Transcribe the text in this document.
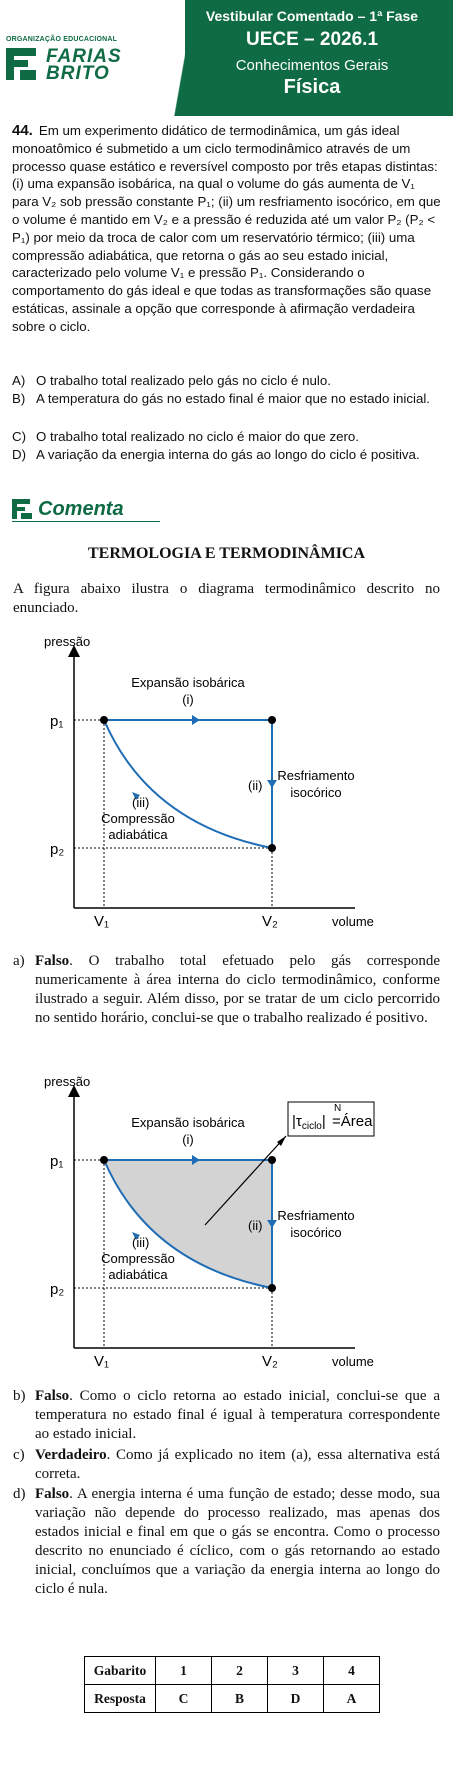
ORGANIZAÇÃO EDUCACIONAL
FARIAS
BRITO
Vestibular Comentado – 1ª Fase
UECE – 2026.1
Conhecimentos Gerais
Física
44. Em um experimento didático de termodinâmica, um gás ideal monoatômico é submetido a um ciclo termodinâmico através de um processo quase estático e reversível composto por três etapas distintas: (i) uma expansão isobárica, na qual o volume do gás aumenta de V₁ para V₂ sob pressão constante P₁; (ii) um resfriamento isocórico, em que o volume é mantido em V₂ e a pressão é reduzida até um valor P₂ (P₂ < P₁) por meio da troca de calor com um reservatório térmico; (iii) uma compressão adiabática, que retorna o gás ao seu estado inicial, caracterizado pelo volume V₁ e pressão P₁. Considerando o comportamento do gás ideal e que todas as transformações são quase estáticas, assinale a opção que corresponde à afirmação verdadeira sobre o ciclo.
A) O trabalho total realizado pelo gás no ciclo é nulo.
B) A temperatura do gás no estado final é maior que no estado inicial.
C) O trabalho total realizado no ciclo é maior do que zero.
D) A variação da energia interna do gás ao longo do ciclo é positiva.
Comenta
TERMOLOGIA E TERMODINÂMICA
A figura abaixo ilustra o diagrama termodinâmico descrito no enunciado.
pressão
volume
p₁
p₂
V₁	V₂
Expansão isobárica
(i)
(ii)
Resfriamento
isocórico
(iii)
Compressão
adiabática
a) Falso. O trabalho total efetuado pelo gás corresponde numericamente à área interna do ciclo termodinâmico, conforme ilustrado a seguir. Além disso, por se tratar de um ciclo percorrido no sentido horário, conclui-se que o trabalho realizado é positivo.
$|\tau_{ciclo}|$
N
=Área
pressão
volume
p₁
p₂
V₁	V₂
Expansão isobárica
(i)
(ii)
Resfriamento
isocórico
(iii)
Compressão
adiabática
b) Falso. Como o ciclo retorna ao estado inicial, conclui-se que a temperatura no estado final é igual à temperatura correspondente ao estado inicial.
c) Verdadeiro. Como já explicado no item (a), essa alternativa está correta.
d) Falso. A energia interna é uma função de estado; desse modo, sua variação não depende do processo realizado, mas apenas dos estados inicial e final em que o gás se encontra. Como o processo descrito no enunciado é cíclico, com o gás retornando ao estado inicial, concluímos que a variação da energia interna ao longo do ciclo é nula.
Gabarito	1	2	3	4
Resposta	C	B	D	A
